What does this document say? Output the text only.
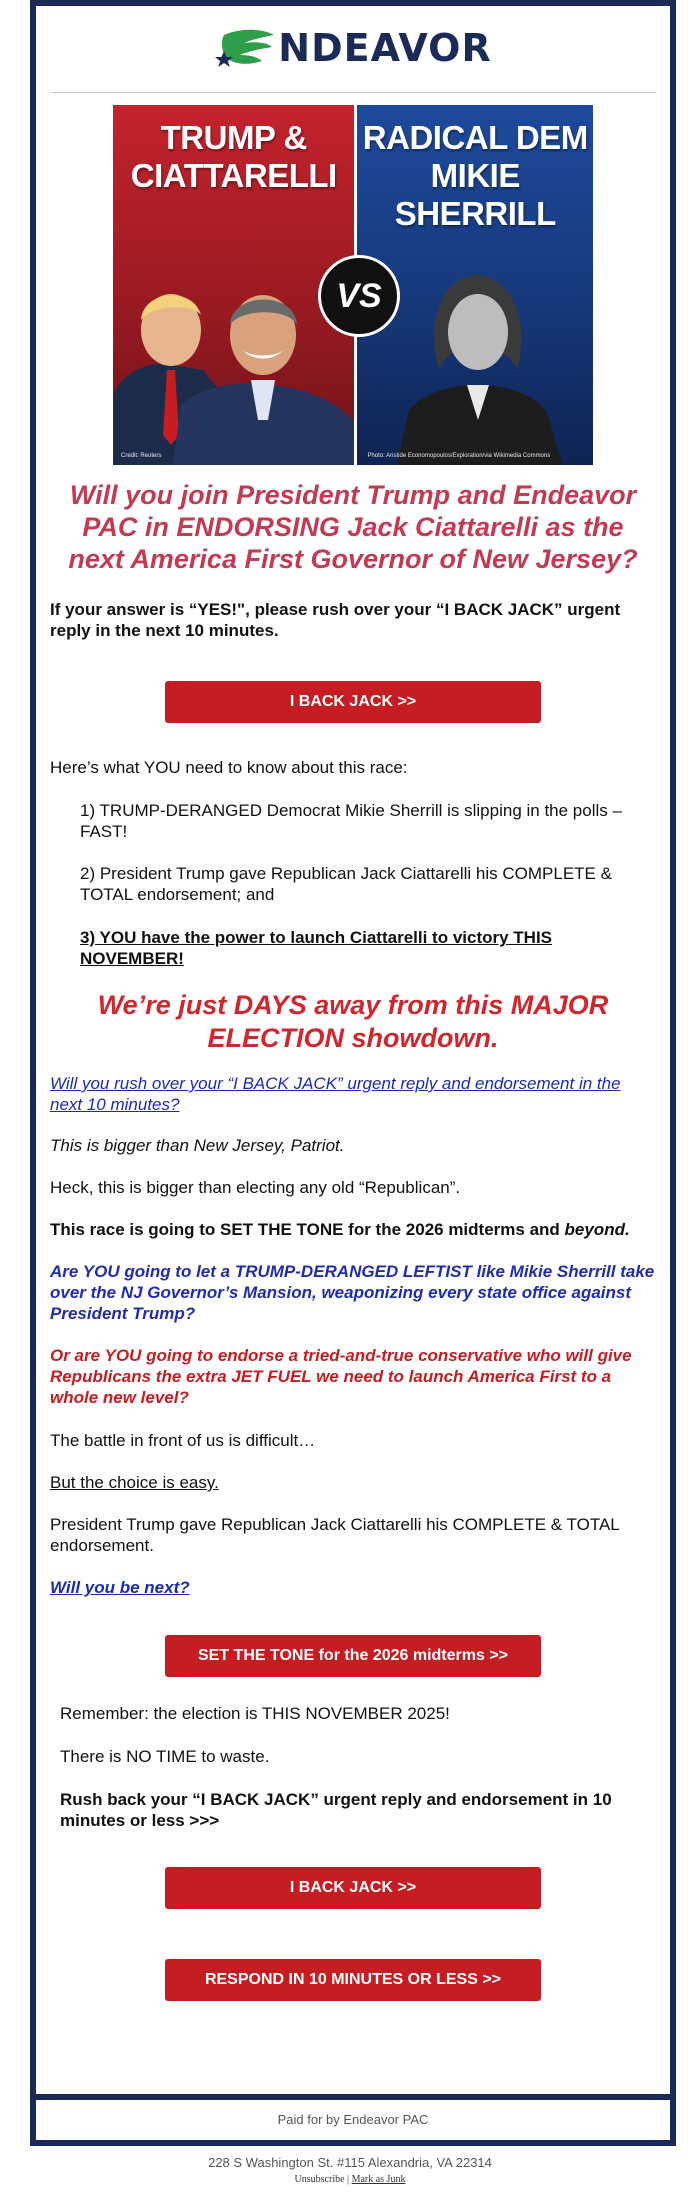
NDEAVOR
TRUMP &
CIATTARELLI
Credit: Reuters
RADICAL DEM
MIKIE SHERRILL
Photo: Aristide Economopoulos/Exploration/via Wikimedia Commons
VS
Will you join President Trump and Endeavor PAC in ENDORSING Jack Ciattarelli as the next America First Governor of New Jersey?
If your answer is “YES!", please rush over your “I BACK JACK” urgent reply in the next 10 minutes.
I BACK JACK >>
Here’s what YOU need to know about this race:
1) TRUMP-DERANGED Democrat Mikie Sherrill is slipping in the polls – FAST!
2) President Trump gave Republican Jack Ciattarelli his COMPLETE & TOTAL endorsement; and
3) YOU have the power to launch Ciattarelli to victory THIS NOVEMBER!
We’re just DAYS away from this MAJOR ELECTION showdown.
Will you rush over your “I BACK JACK” urgent reply and endorsement in the next 10 minutes?
This is bigger than New Jersey, Patriot.
Heck, this is bigger than electing any old “Republican”.
This race is going to SET THE TONE for the 2026 midterms and beyond.
Are YOU going to let a TRUMP-DERANGED LEFTIST like Mikie Sherrill take over the NJ Governor’s Mansion, weaponizing every state office against President Trump?
Or are YOU going to endorse a tried-and-true conservative who will give Republicans the extra JET FUEL we need to launch America First to a whole new level?
The battle in front of us is difficult…
But the choice is easy.
President Trump gave Republican Jack Ciattarelli his COMPLETE & TOTAL endorsement.
Will you be next?
SET THE TONE for the 2026 midterms >>
Remember: the election is THIS NOVEMBER 2025!
There is NO TIME to waste.
Rush back your “I BACK JACK” urgent reply and endorsement in 10 minutes or less >>>
I BACK JACK >>
RESPOND IN 10 MINUTES OR LESS >>
Paid for by Endeavor PAC
228 S Washington St. #115 Alexandria, VA 22314
Unsubscribe | Mark as Junk
